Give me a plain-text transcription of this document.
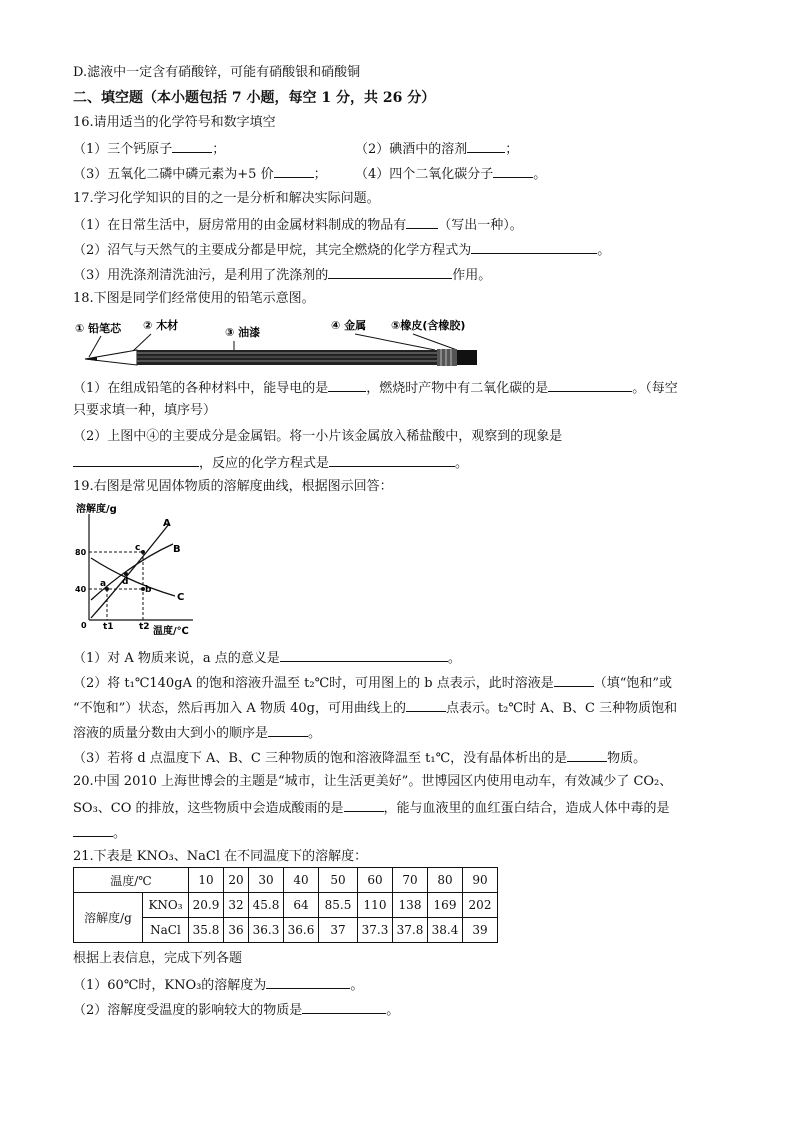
D.滤液中一定含有硝酸锌，可能有硝酸银和硝酸铜
二、填空题（本小题包括 7 小题，每空 1 分，共 26 分）
16.请用适当的化学符号和数字填空
（1）三个钙原子	；	（2）碘酒中的溶剂	；
（3）五氧化二磷中磷元素为+5 价	； （4）四个二氧化碳分子	。
17.学习化学知识的目的之一是分析和解决实际问题。
（1）在日常生活中，厨房常用的由金属材料制成的物品有 （写出一种）。
（2）沼气与天然气的主要成分都是甲烷，其完全燃烧的化学方程式为	。
（3）用洗涤剂清洗油污，是利用了洗涤剂的	作用。
18.下图是同学们经常使用的铅笔示意图。
① 铅笔芯 ② 木材
③ 油漆
④ 金属 ⑤橡皮(含橡胶)
（1）在组成铅笔的各种材料中，能导电的是	，燃烧时产物中有二氧化碳的是	。（每空
只要求填一种，填序号）
（2）上图中④的主要成分是金属铝。将一小片该金属放入稀盐酸中，观察到的现象是
，反应的化学方程式是	。
19.右图是常见固体物质的溶解度曲线，根据图示回答：
溶解度/g
A
B
C
a
b
c
d
80
40
0 t1	t2 温度/℃
（1）对 A 物质来说，a 点的意义是	。
（2）将 t₁℃140gA 的饱和溶液升温至 t₂℃时，可用图上的 b 点表示，此时溶液是	（填“饱和”或
“不饱和”）状态，然后再加入 A 物质 40g，可用曲线上的	点表示。t₂℃时 A、B、C 三种物质饱和
溶液的质量分数由大到小的顺序是	。
（3）若将 d 点温度下 A、B、C 三种物质的饱和溶液降温至 t₁℃，没有晶体析出的是	物质。
20.中国 2010 上海世博会的主题是“城市，让生活更美好”。世博园区内使用电动车，有效减少了 CO₂、
SO₃、CO 的排放，这些物质中会造成酸雨的是	，能与血液里的血红蛋白结合，造成人体中毒的是
。
21.下表是 KNO₃、NaCl 在不同温度下的溶解度：
温度/℃		10	20	30	40	50	60	70	80	90
溶解度/g	KNO₃	20.9	32	45.8	64	85.5	110	138	169	202
	NaCl	35.8	36	36.3	36.6	37	37.3	37.8	38.4	39
根据上表信息，完成下列各题
（1）60℃时，KNO₃的溶解度为	。
（2）溶解度受温度的影响较大的物质是	。
